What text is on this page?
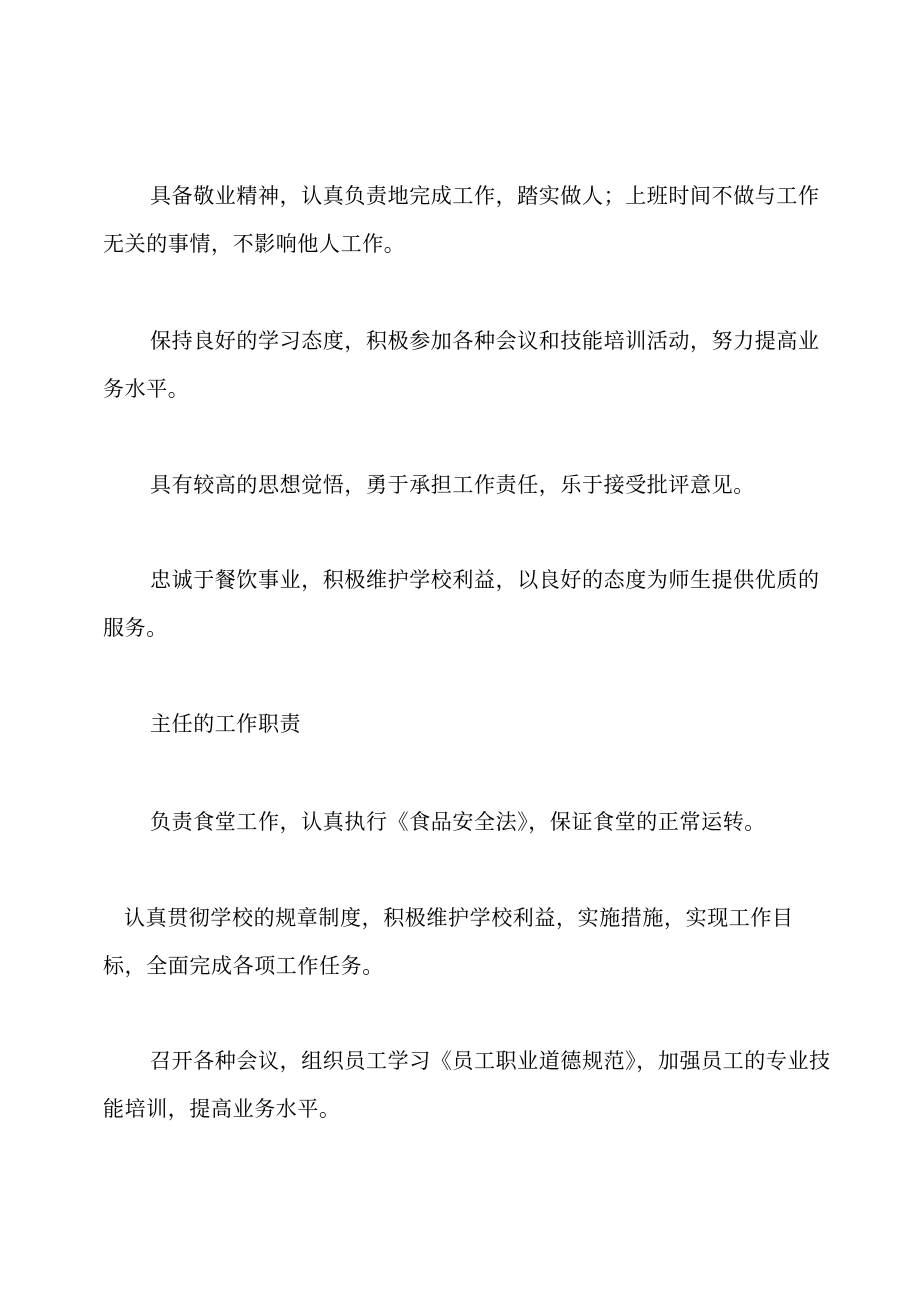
具备敬业精神，认真负责地完成工作，踏实做人；上班时间不做与工作无关的事情，不影响他人工作。

保持良好的学习态度，积极参加各种会议和技能培训活动，努力提高业务水平。

具有较高的思想觉悟，勇于承担工作责任，乐于接受批评意见。

忠诚于餐饮事业，积极维护学校利益，以良好的态度为师生提供优质的服务。

主任的工作职责

负责食堂工作，认真执行《食品安全法》，保证食堂的正常运转。

认真贯彻学校的规章制度，积极维护学校利益，实施措施，实现工作目标，全面完成各项工作任务。

召开各种会议，组织员工学习《员工职业道德规范》，加强员工的专业技能培训，提高业务水平。
